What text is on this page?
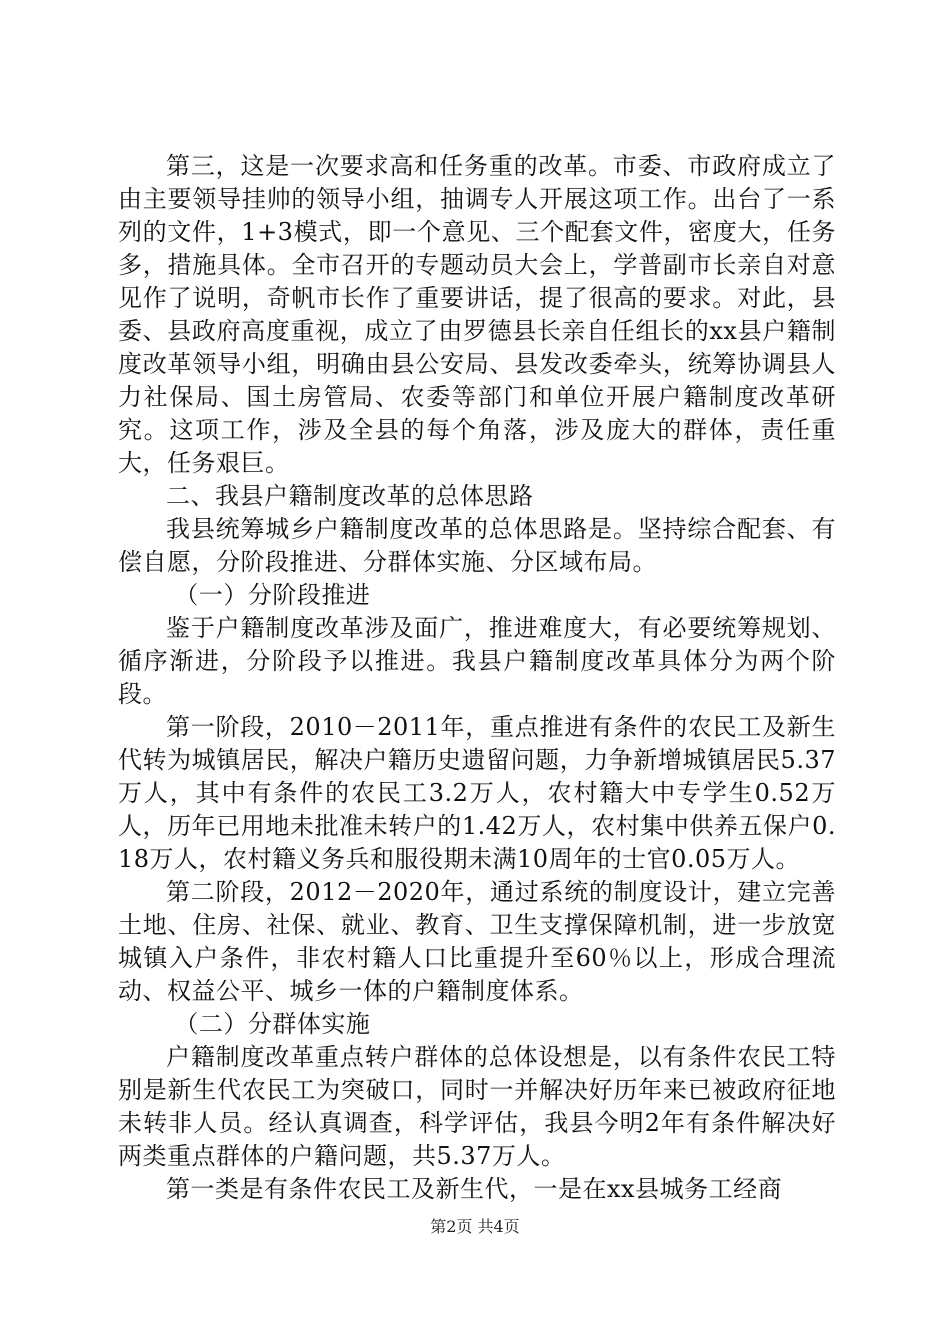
第三，这是一次要求高和任务重的改革。市委、市政府成立了由主要领导挂帅的领导小组，抽调专人开展这项工作。出台了一系列的文件，1+3模式，即一个意见、三个配套文件，密度大，任务多，措施具体。全市召开的专题动员大会上，学普副市长亲自对意见作了说明，奇帆市长作了重要讲话，提了很高的要求。对此，县委、县政府高度重视，成立了由罗德县长亲自任组长的xx县户籍制度改革领导小组，明确由县公安局、县发改委牵头，统筹协调县人力社保局、国土房管局、农委等部门和单位开展户籍制度改革研究。这项工作，涉及全县的每个角落，涉及庞大的群体，责任重大，任务艰巨。

二、我县户籍制度改革的总体思路

我县统筹城乡户籍制度改革的总体思路是。坚持综合配套、有偿自愿，分阶段推进、分群体实施、分区域布局。

（一）分阶段推进

鉴于户籍制度改革涉及面广，推进难度大，有必要统筹规划、循序渐进，分阶段予以推进。我县户籍制度改革具体分为两个阶段。

第一阶段，2010－2011年，重点推进有条件的农民工及新生代转为城镇居民，解决户籍历史遗留问题，力争新增城镇居民5.37万人，其中有条件的农民工3.2万人，农村籍大中专学生0.52万人，历年已用地未批准未转户的1.42万人，农村集中供养五保户0.18万人，农村籍义务兵和服役期未满10周年的士官0.05万人。

第二阶段，2012－2020年，通过系统的制度设计，建立完善土地、住房、社保、就业、教育、卫生支撑保障机制，进一步放宽城镇入户条件，非农村籍人口比重提升至60％以上，形成合理流动、权益公平、城乡一体的户籍制度体系。

（二）分群体实施

户籍制度改革重点转户群体的总体设想是，以有条件农民工特别是新生代农民工为突破口，同时一并解决好历年来已被政府征地未转非人员。经认真调查，科学评估，我县今明2年有条件解决好两类重点群体的户籍问题，共5.37万人。

第一类是有条件农民工及新生代，一是在xx县城务工经商

第2页 共4页
